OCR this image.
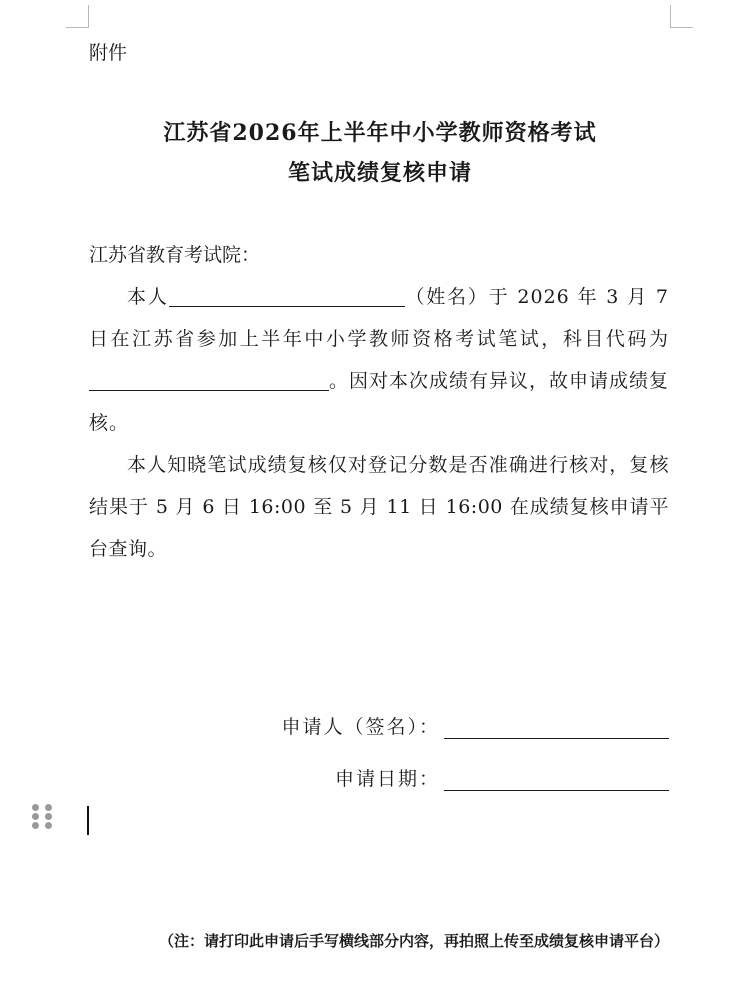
附件

江苏省2026年上半年中小学教师资格考试
笔试成绩复核申请

江苏省教育考试院：

本人	（姓名）于 2026 年 3 月 7 日在江苏省参加上半年中小学教师资格考试笔试，科目代码为。因对本次成绩有异议，故申请成绩复核。

本人知晓笔试成绩复核仅对登记分数是否准确进行核对，复核结果于 5 月 6 日 16:00 至 5 月 11 日 16:00 在成绩复核申请平台查询。

申请人（签名）：
申请日期：

（注：请打印此申请后手写横线部分内容，再拍照上传至成绩复核申请平台）
